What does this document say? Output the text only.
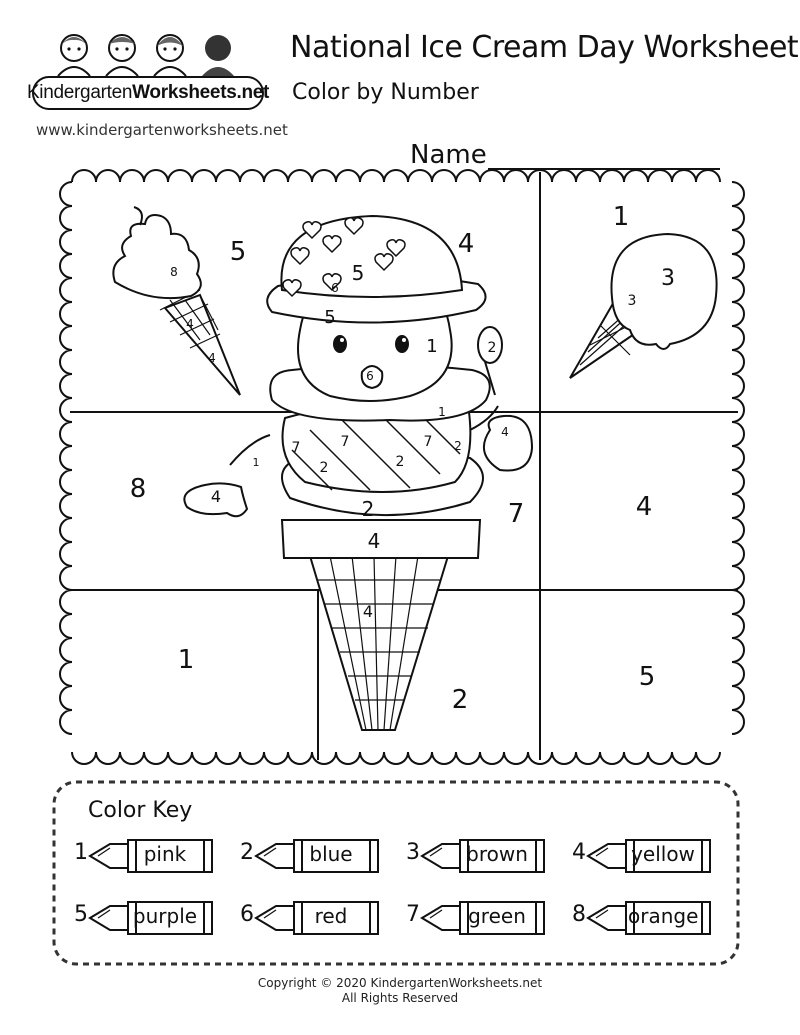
Kindergarten Worksheets.net
www.kindergartenworksheets.net
National Ice Cream Day Worksheet
Color by Number
Name
8
4
4
5	4
1
3
3
5
6
5
1
6
2
4
1
7
2
7
2
7 2
1
4
8
2
4
7	4
4
1
2
5
Color Key
1	pink	2	blue	3 brown 4 yellow
5 purple 6	red	7	green 8 orange
Copyright © 2020 KindergartenWorksheets.net
All Rights Reserved
